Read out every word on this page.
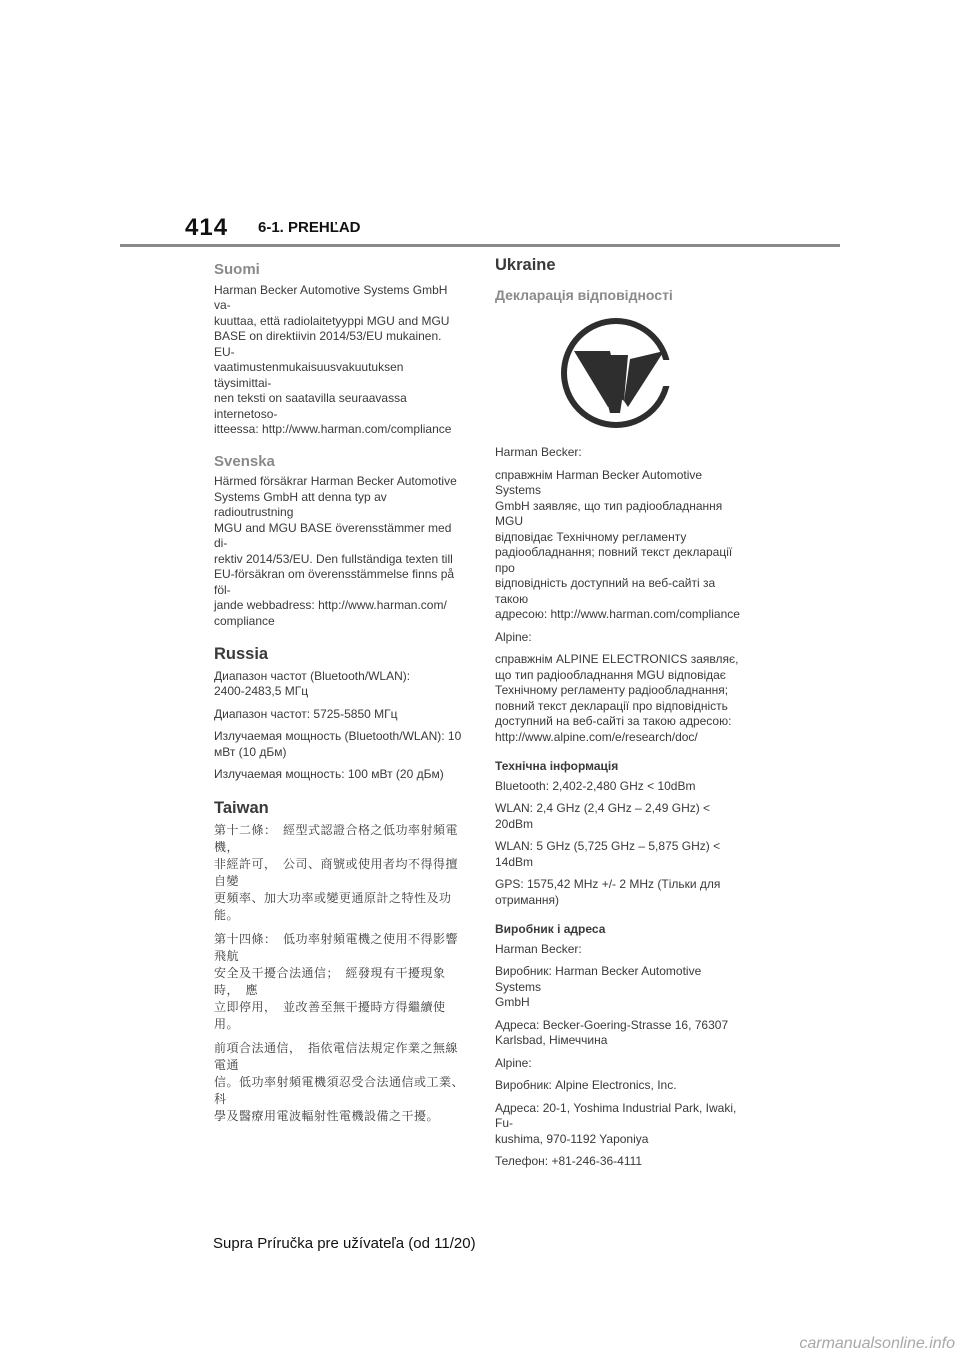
414 6-1. PREHĽAD
Suomi

Harman Becker Automotive Systems GmbH va-
kuuttaa, että radiolaitetyyppi MGU and MGU
BASE on direktiivin 2014/53/EU mukainen. EU-
vaatimustenmukaisuusvakuutuksen täysimittai-
nen teksti on saatavilla seuraavassa internetoso-
itteessa: http://www.harman.com/compliance

Svenska

Härmed försäkrar Harman Becker Automotive
Systems GmbH att denna typ av radioutrustning
MGU and MGU BASE överensstämmer med di-
rektiv 2014/53/EU. Den fullständiga texten till
EU-försäkran om överensstämmelse finns på föl-
jande webbadress: http://www.harman.com/
compliance

Russia

Диапазон частот (Bluetooth/WLAN):
2400-2483,5 МГц

Диапазон частот: 5725-5850 МГц

Излучаемая мощность (Bluetooth/WLAN): 10
мВт (10 дБм)

Излучаемая мощность: 100 мВт (20 дБм)

Taiwan

第十二條：　經型式認證合格之低功率射頻電機，
非經許可，　公司、商號或使用者均不得得擅自變
更頻率、加大功率或變更通原計之特性及功能。

第十四條：　低功率射頻電機之使用不得影響飛航
安全及干擾合法通信；　經發現有干擾現象時，　應
立即停用，　並改善至無干擾時方得繼續使用。

前項合法通信，　指依電信法規定作業之無線電通
信。低功率射頻電機須忍受合法通信或工業、科
學及醫療用電波輻射性電機設備之干擾。

Ukraine
Декларація відповідності

Harman Becker:

справжнім Harman Becker Automotive Systems
GmbH заявляє, що тип радіообладнання MGU
відповідає Технічному регламенту
радіообладнання; повний текст декларації про
відповідність доступний на веб-сайті за такою
адресою: http://www.harman.com/compliance

Alpine:

справжнім ALPINE ELECTRONICS заявляє,
що тип радіообладнання MGU відповідає
Технічному регламенту радіообладнання;
повний текст декларації про відповідність
доступний на веб-сайті за такою адресою:
http://www.alpine.com/e/research/doc/

Технічна інформація

Bluetooth: 2,402-2,480 GHz < 10dBm

WLAN: 2,4 GHz (2,4 GHz – 2,49 GHz) < 20dBm

WLAN: 5 GHz (5,725 GHz – 5,875 GHz) <
14dBm

GPS: 1575,42 MHz +/- 2 MHz (Тільки для
отримання)

Виробник і адреса

Harman Becker:

Виробник: Harman Becker Automotive Systems
GmbH

Адреса: Becker-Goering-Strasse 16, 76307
Karlsbad, Німеччина

Alpine:

Виробник: Alpine Electronics, Inc.

Адреса: 20-1, Yoshima Industrial Park, Iwaki, Fu-
kushima, 970-1192 Yaponiya

Телефон: +81-246-36-4111

Supra Príručka pre užívateľa (od 11/20)
carmanualsonline.info
